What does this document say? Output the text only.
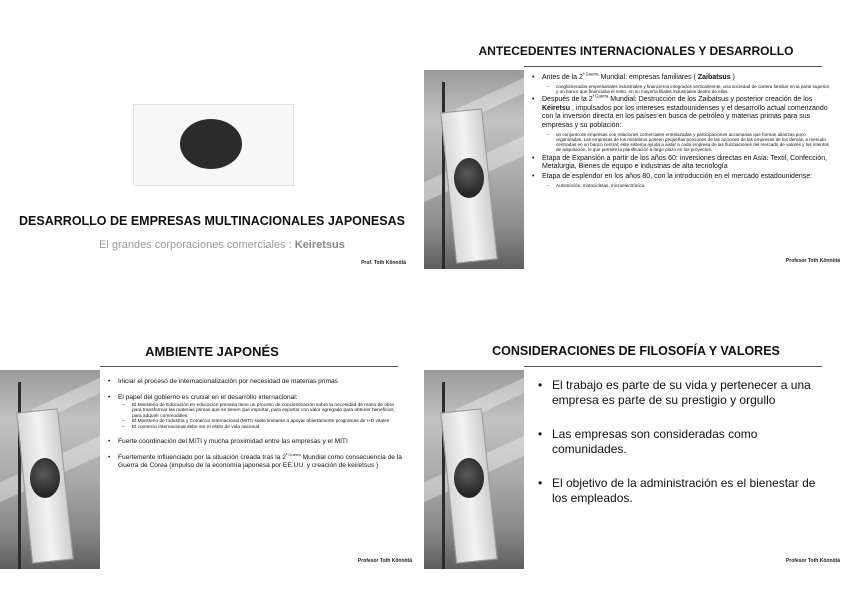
DESARROLLO DE EMPRESAS MULTINACIONALES JAPONESAS
El grandes corporaciones comerciales : Keiretsus
Prof. Toth Könnötä
ANTECEDENTES INTERNACIONALES Y DESARROLLO
• Antes de la $2^{ª Guerra}$ Mundial: empresas familiares ( Zaibatsus )
– conglomerados empresariales industriales y financieros integrados verticalmente, una sociedad de cartera familiar en la parte superior, y un banco que financiaba el resto, en su mayoría filiales industriales dentro de ellos.
• Después de la $2^{ª Guerra}$ Mundial: Destrucción de los Zaibatsus y posterior creación de los Keiretsu , impulsados por los intereses estadounidenses y el desarrollo actual comenzando con la inversión directa en los países en busca de petróleo y materias primas para sus empresas y su población:
– un conjunto de empresas con relaciones comerciales entrelazadas y participaciones accionarias que forman alianzas poco organizadas. Las empresas de los miembros poseen pequeñas porciones de las acciones de las empresas de los demás, a menudo centradas en un banco central; este sistema ayuda a aislar a cada empresa de las fluctuaciones del mercado de valores y los intentos de adquisición, lo que permite la planificación a largo plazo en los proyectos.
• Etapa de Expansión a partir de los años 60: inversiones directas en Asia: Textil, Confección, Metalurgia, Bienes de equipo e industrias de alta tecnología
• Etapa de esplendor en los años 80, con la introducción en el mercado estadounidense:
– Automoción, motocicletas, microelectrónica
Profesor Toth Könnötä
AMBIENTE JAPONÉS
• Iniciar el proceso de internacionalización por necesidad de materias primas
• El papel del gobierno es crucial en el desarrollo internacional:
– El Ministerio de Educación en educación primaria tiene un proceso de concientización sobre la necesidad de mano de obra para transformar las materias primas que se tienen que importar, para exportar con valor agregado para obtener beneficios, para adquirir commodities
– El Ministerio de Industria y Comercio Internacional (MITI) suele limitarse a apoyar abiertamente programas de I+D vitales
– El comercio internacional debe ser el estilo de vida nacional
• Fuerte coordinación del MITI y mucha proximidad entre las empresas y el MITI
• Fuertemente influenciado por la situación creada tras la $2^{ª Guerra}$ Mundial como consecuencia de la Guerra de Corea (impulso de la economía japonesa por EE.UU. y creación de keiretsus )
Profesor Toth Könnötä
CONSIDERACIONES DE FILOSOFÍA Y VALORES
• El trabajo es parte de su vida y pertenecer a una empresa es parte de su prestigio y orgullo
• Las empresas son consideradas como comunidades.
• El objetivo de la administración es el bienestar de los empleados.
Profesor Toth Könnötä
